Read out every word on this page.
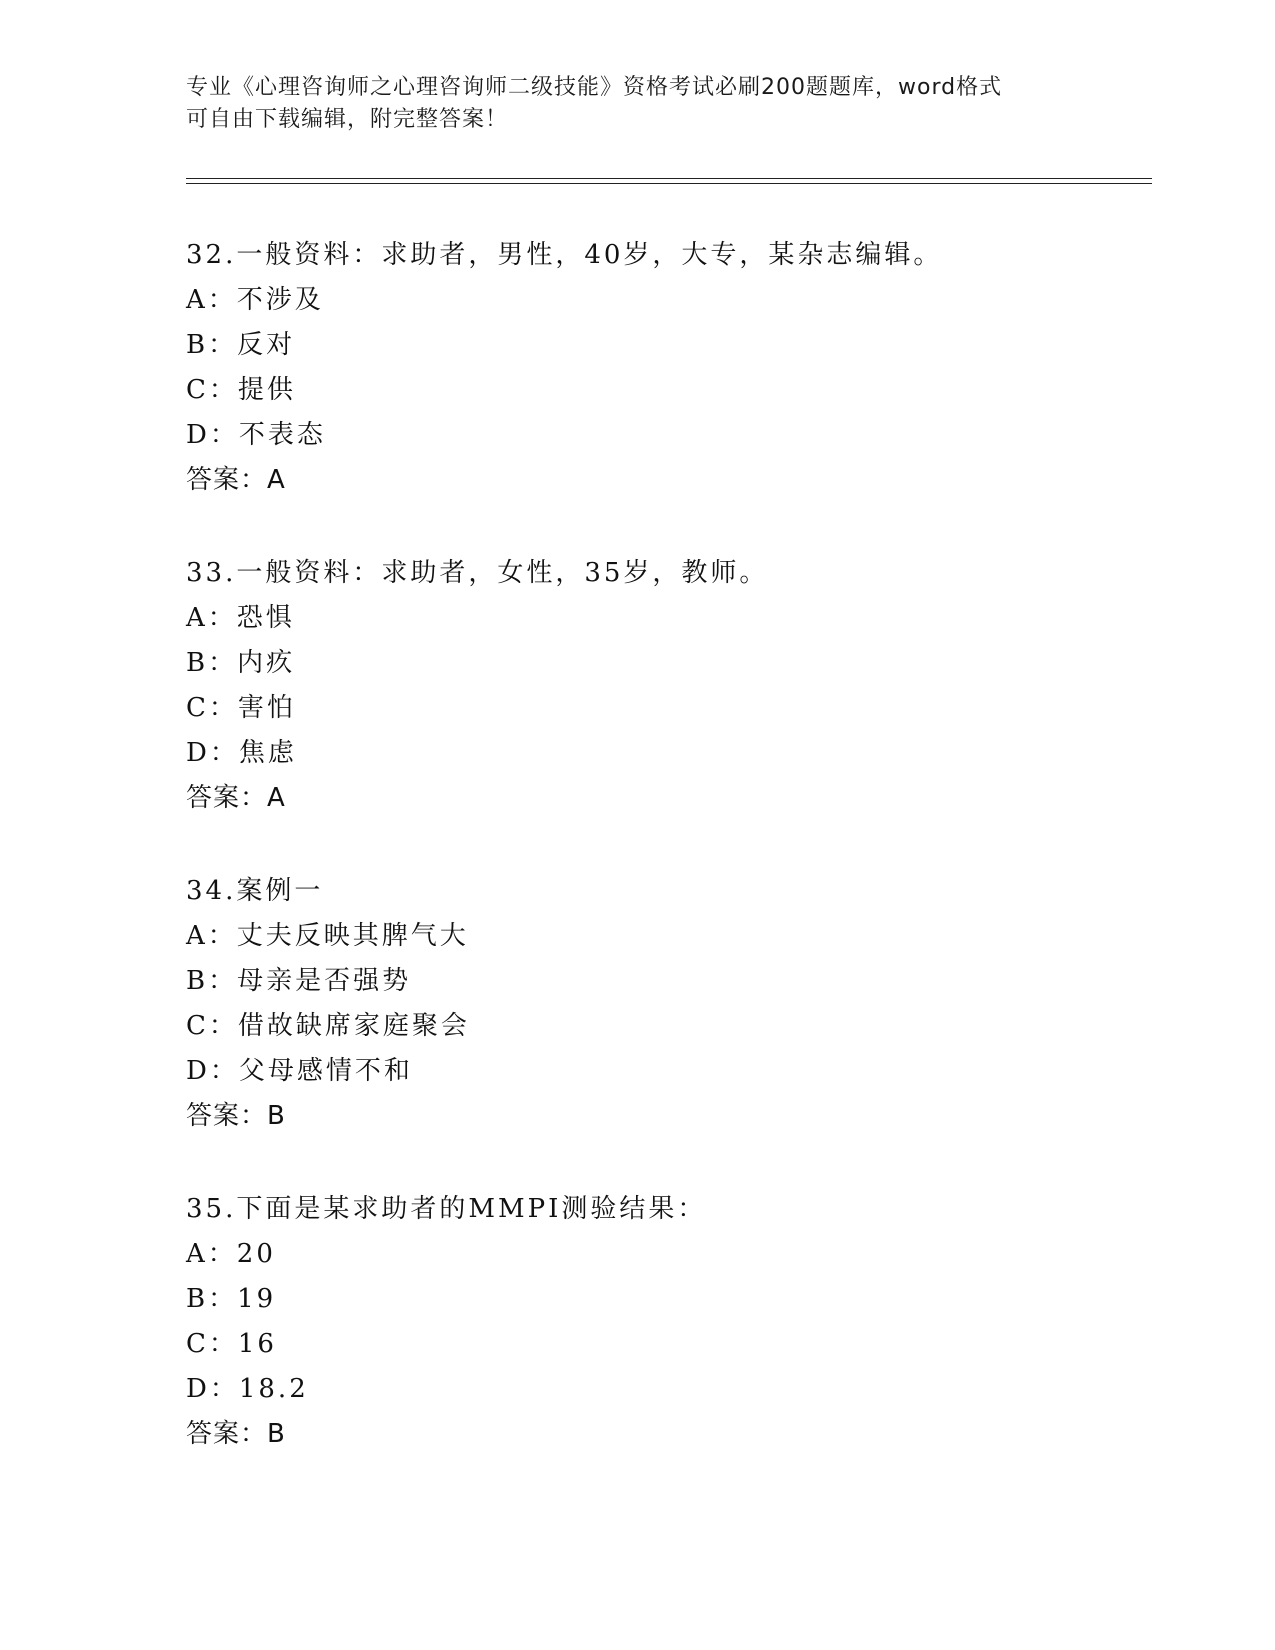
专业《心理咨询师之心理咨询师二级技能》资格考试必刷200题题库，word格式
可自由下载编辑，附完整答案！
32.一般资料：求助者，男性，40岁，大专，某杂志编辑。
A：不涉及
B：反对
C：提供
D：不表态
答案：A
33.一般资料：求助者，女性，35岁，教师。
A：恐惧
B：内疚
C：害怕
D：焦虑
答案：A
34.案例一
A：丈夫反映其脾气大
B：母亲是否强势
C：借故缺席家庭聚会
D：父母感情不和
答案：B
35.下面是某求助者的MMPI测验结果：
A：20
B：19
C：16
D：18.2
答案：B
